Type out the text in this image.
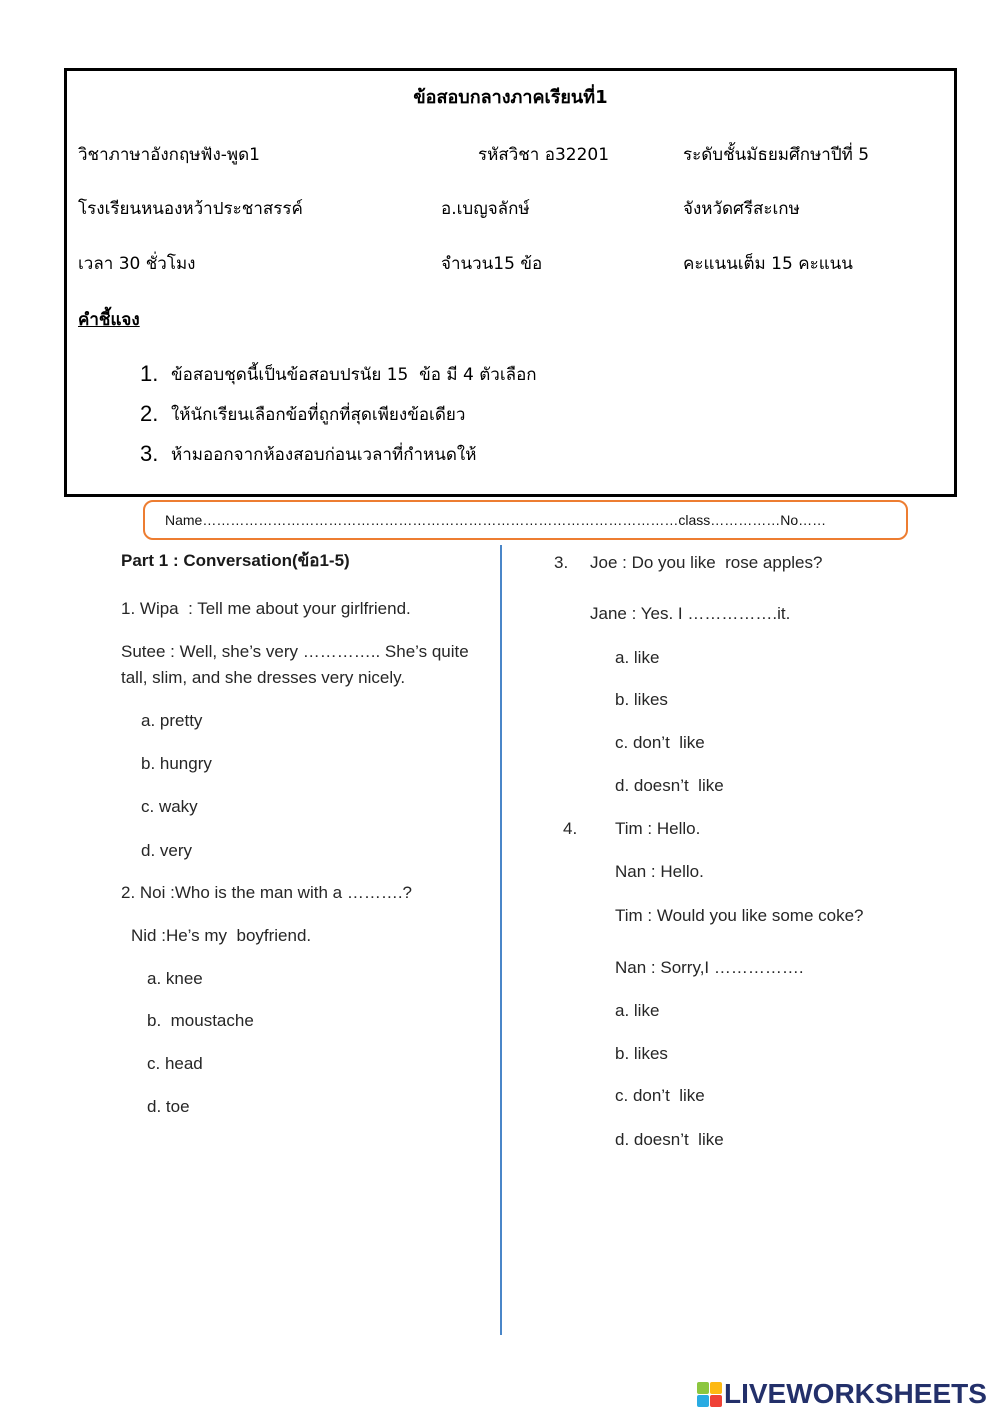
ข้อสอบกลางภาคเรียนที่1
วิชาภาษาอังกฤษฟัง-พูด1	รหัสวิชา อ32201	ระดับชั้นมัธยมศึกษาปีที่ 5
โรงเรียนหนองหว้าประชาสรรค์	อ.เบญจลักษ์	จังหวัดศรีสะเกษ
เวลา 30 ชั่วโมง	จำนวน15 ข้อ	คะแนนเต็ม 15 คะแนน
คำชี้แจง
1. ข้อสอบชุดนี้เป็นข้อสอบปรนัย 15  ข้อ มี 4 ตัวเลือก
2. ให้นักเรียนเลือกข้อที่ถูกที่สุดเพียงข้อเดียว
3. ห้ามออกจากห้องสอบก่อนเวลาที่กำหนดให้
Name…………………………………………………………………………………………class……………No……
Part 1 : Conversation(ข้อ1-5)
1. Wipa  : Tell me about your girlfriend.
Sutee : Well, she’s very ………….. She’s quite
tall, slim, and she dresses very nicely.
a. pretty
b. hungry
c. waky
d. very
2. Noi :Who is the man with a ……….?
Nid :He’s my  boyfriend.
a. knee
b.  moustache
c. head
d. toe
3. Joe : Do you like  rose apples?
Jane : Yes. I …………….it.
a. like
b. likes
c. don’t  like
d. doesn’t  like
4. Tim : Hello.
Nan : Hello.
Tim : Would you like some coke?
Nan : Sorry,I …………….
a. like
b. likes
c. don’t  like
d. doesn’t  like
LIVEWORKSHEETS
